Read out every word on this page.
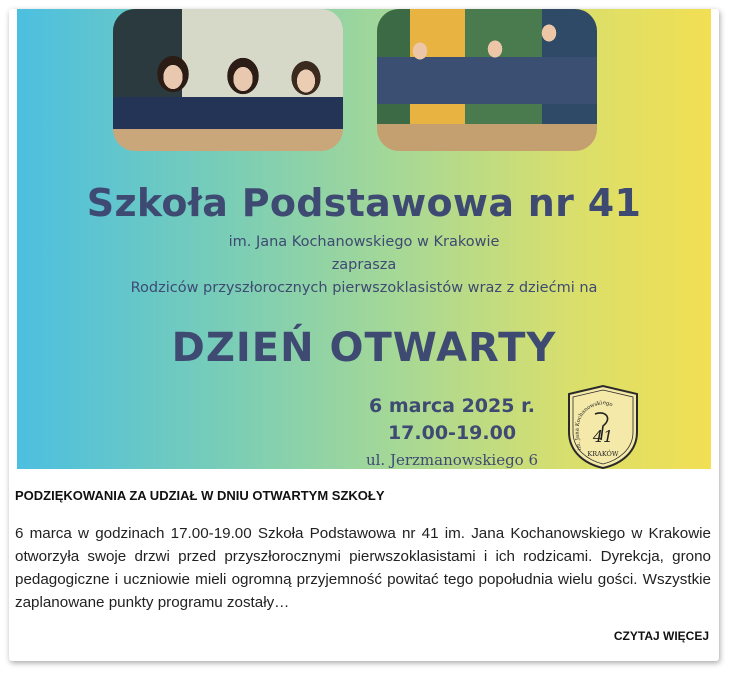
Szkoła Podstawowa nr 41
im. Jana Kochanowskiego w Krakowie
zaprasza
Rodziców przyszłorocznych pierwszoklasistów wraz z dziećmi na
DZIEŃ OTWARTY
6 marca 2025 r.
17.00-19.00
ul. Jerzmanowskiego 6
im. Jana Kochanowskiego
41
KRAKÓW
PODZIĘKOWANIA ZA UDZIAŁ W DNIU OTWARTYM SZKOŁY
6 marca w godzinach 17.00-19.00 Szkoła Podstawowa nr 41 im. Jana Kochanowskiego w Krakowie otworzyła swoje drzwi przed przyszłorocznymi pierwszoklasistami i ich rodzicami. Dyrekcja, grono pedagogiczne i uczniowie mieli ogromną przyjemność powitać tego popołudnia wielu gości. Wszystkie zaplanowane punkty programu zostały…
CZYTAJ WIĘCEJ
